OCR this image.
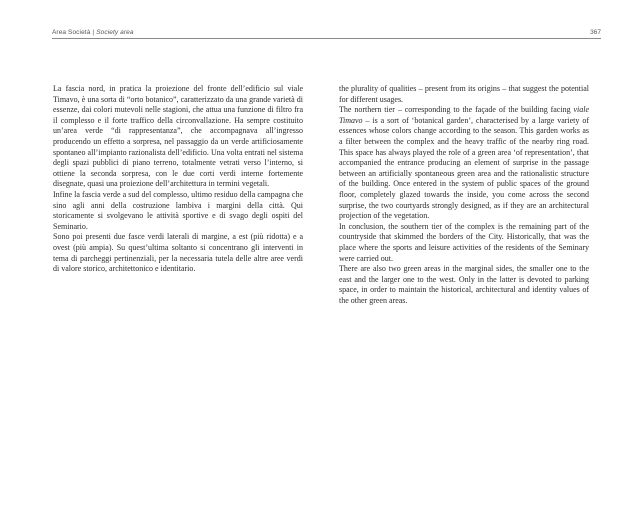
Area Società | Society area	367

La fascia nord, in pratica la proiezione del fronte dell’edificio sul viale Timavo, è una sorta di “orto botanico”, caratterizzato da una grande varietà di essenze, dai colori mutevoli nelle stagioni, che attua una funzione di filtro fra il complesso e il forte traffico della circonvallazione. Ha sempre costituito un’area verde “di rappresentanza”, che accompagnava all’ingresso producendo un effetto a sorpresa, nel passaggio da un verde artificiosamente spontaneo all’impianto razionalista dell’edificio. Una volta entrati nel sistema degli spazi pubblici di piano terreno, totalmente vetrati verso l’interno, si ottiene la seconda sorpresa, con le due corti verdi interne fortemente disegnate, quasi una proiezione dell’architettura in termini vegetali.

Infine la fascia verde a sud del complesso, ultimo residuo della campagna che sino agli anni della costruzione lambiva i margini della città. Qui storicamente si svolgevano le attività sportive e di svago degli ospiti del Seminario.

Sono poi presenti due fasce verdi laterali di margine, a est (più ridotta) e a ovest (più ampia). Su quest’ultima soltanto si concentrano gli interventi in tema di parcheggi pertinenziali, per la necessaria tutela delle altre aree verdi di valore storico, architettonico e identitario.

the plurality of qualities – present from its origins – that suggest the potential for different usages.

The northern tier – corresponding to the façade of the building facing viale Timavo – is a sort of ‘botanical garden’, characterised by a large variety of essences whose colors change according to the season. This garden works as a filter between the complex and the heavy traffic of the nearby ring road. This space has always played the role of a green area ‘of representation’, that accompanied the entrance producing an element of surprise in the passage between an artificially spontaneous green area and the rationalistic structure of the building. Once entered in the system of public spaces of the ground floor, completely glazed towards the inside, you come across the second surprise, the two courtyards strongly designed, as if they are an architectural projection of the vegetation.

In conclusion, the southern tier of the complex is the remaining part of the countryside that skimmed the borders of the City. Historically, that was the place where the sports and leisure activities of the residents of the Seminary were carried out.

There are also two green areas in the marginal sides, the smaller one to the east and the larger one to the west. Only in the latter is devoted to parking space, in order to maintain the historical, architectural and identity values of the other green areas.
